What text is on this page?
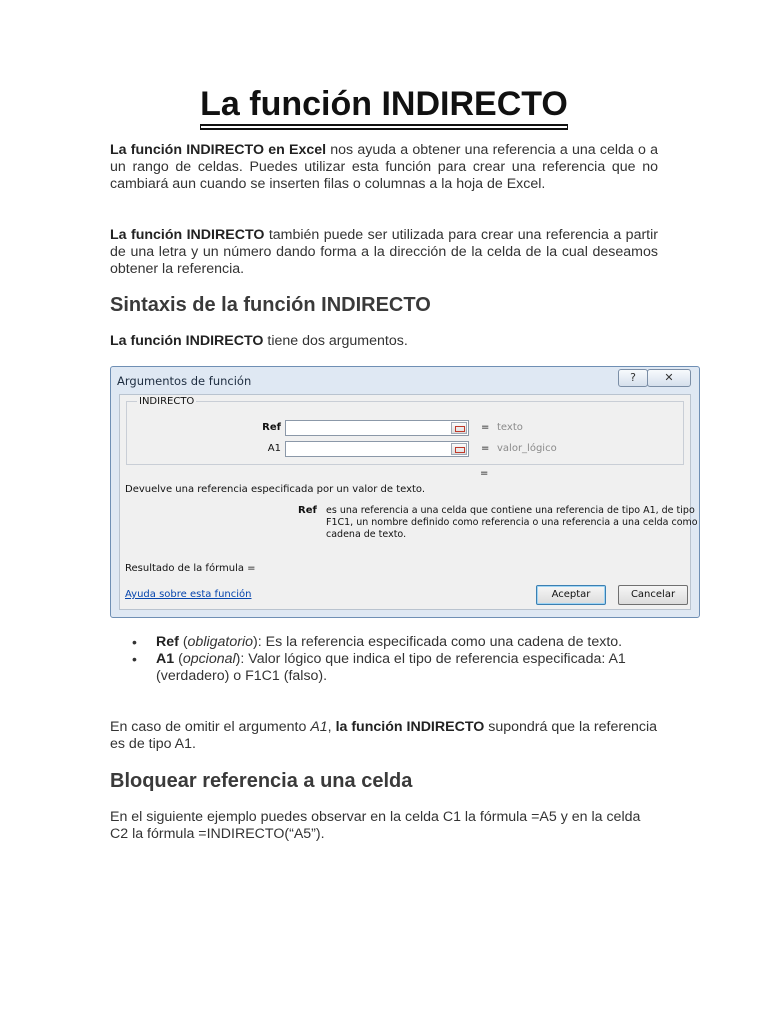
La función INDIRECTO
La función INDIRECTO en Excel nos ayuda a obtener una referencia a una celda o a un rango de celdas. Puedes utilizar esta función para crear una referencia que no cambiará aun cuando se inserten filas o columnas a la hoja de Excel.
La función INDIRECTO también puede ser utilizada para crear una referencia a partir de una letra y un número dando forma a la dirección de la celda de la cual deseamos obtener la referencia.
Sintaxis de la función INDIRECTO
La función INDIRECTO tiene dos argumentos.
• Ref (obligatorio): Es la referencia especificada como una cadena de texto.
• A1 (opcional): Valor lógico que indica el tipo de referencia especificada: A1 (verdadero) o F1C1 (falso).
En caso de omitir el argumento A1, la función INDIRECTO supondrá que la referencia es de tipo A1.
Bloquear referencia a una celda
En el siguiente ejemplo puedes observar en la celda C1 la fórmula =A5 y en la celda C2 la fórmula =INDIRECTO(“A5”).
Argumentos de función	?	✕
INDIRECTO
Ref	= texto
A1	= valor_lógico
=
Devuelve una referencia especificada por un valor de texto.
Ref es una referencia a una celda que contiene una referencia de tipo A1, de tipo F1C1, un nombre definido como referencia o una referencia a una celda como cadena de texto.
Resultado de la fórmula =
Ayuda sobre esta función	Aceptar	Cancelar
